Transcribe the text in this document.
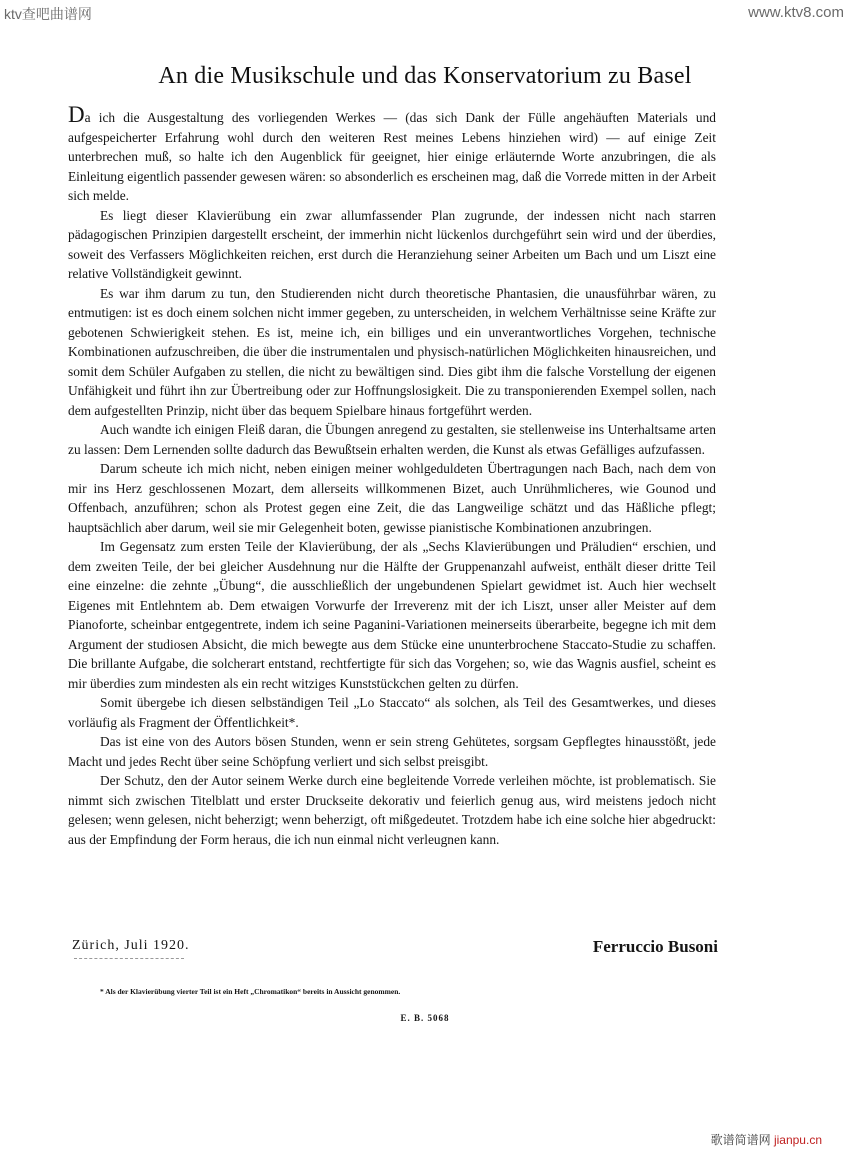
ktv查吧曲谱网	www.ktv8.com
An die Musikschule und das Konservatorium zu Basel

Da ich die Ausgestaltung des vorliegenden Werkes — (das sich Dank der Fülle angehäuften Materials und aufgespeicherter Erfahrung wohl durch den weiteren Rest meines Lebens hinziehen wird) — auf einige Zeit unterbrechen muß, so halte ich den Augenblick für geeignet, hier einige erläuternde Worte anzubringen, die als Einleitung eigentlich passender gewesen wären: so absonderlich es erscheinen mag, daß die Vorrede mitten in der Arbeit sich melde.

Es liegt dieser Klavierübung ein zwar allumfassender Plan zugrunde, der indessen nicht nach starren pädagogischen Prinzipien dargestellt erscheint, der immerhin nicht lückenlos durchgeführt sein wird und der überdies, soweit des Verfassers Möglichkeiten reichen, erst durch die Heranziehung seiner Arbeiten um Bach und um Liszt eine relative Vollständigkeit gewinnt.

Es war ihm darum zu tun, den Studierenden nicht durch theoretische Phantasien, die unausführbar wären, zu entmutigen: ist es doch einem solchen nicht immer gegeben, zu unterscheiden, in welchem Verhältnisse seine Kräfte zur gebotenen Schwierigkeit stehen. Es ist, meine ich, ein billiges und ein unverantwortliches Vorgehen, technische Kombinationen aufzuschreiben, die über die instrumentalen und physisch-natürlichen Möglichkeiten hinausreichen, und somit dem Schüler Aufgaben zu stellen, die nicht zu bewältigen sind. Dies gibt ihm die falsche Vorstellung der eigenen Unfähigkeit und führt ihn zur Übertreibung oder zur Hoffnungslosigkeit. Die zu transponierenden Exempel sollen, nach dem aufgestellten Prinzip, nicht über das bequem Spielbare hinaus fortgeführt werden.

Auch wandte ich einigen Fleiß daran, die Übungen anregend zu gestalten, sie stellenweise ins Unterhaltsame arten zu lassen: Dem Lernenden sollte dadurch das Bewußtsein erhalten werden, die Kunst als etwas Gefälliges aufzufassen.

Darum scheute ich mich nicht, neben einigen meiner wohlgeduldeten Übertragungen nach Bach, nach dem von mir ins Herz geschlossenen Mozart, dem allerseits willkommenen Bizet, auch Unrühmlicheres, wie Gounod und Offenbach, anzuführen; schon als Protest gegen eine Zeit, die das Langweilige schätzt und das Häßliche pflegt; hauptsächlich aber darum, weil sie mir Gelegenheit boten, gewisse pianistische Kombinationen anzubringen.

Im Gegensatz zum ersten Teile der Klavierübung, der als „Sechs Klavierübungen und Präludien“ erschien, und dem zweiten Teile, der bei gleicher Ausdehnung nur die Hälfte der Gruppenanzahl aufweist, enthält dieser dritte Teil eine einzelne: die zehnte „Übung“, die ausschließlich der ungebundenen Spielart gewidmet ist. Auch hier wechselt Eigenes mit Entlehntem ab. Dem etwaigen Vorwurfe der Irreverenz mit der ich Liszt, unser aller Meister auf dem Pianoforte, scheinbar entgegentrete, indem ich seine Paganini-Variationen meinerseits überarbeite, begegne ich mit dem Argument der studiosen Absicht, die mich bewegte aus dem Stücke eine ununterbrochene Staccato-Studie zu schaffen. Die brillante Aufgabe, die solcherart entstand, rechtfertigte für sich das Vorgehen; so, wie das Wagnis ausfiel, scheint es mir überdies zum mindesten als ein recht witziges Kunststückchen gelten zu dürfen.

Somit übergebe ich diesen selbständigen Teil „Lo Staccato“ als solchen, als Teil des Gesamtwerkes, und dieses vorläufig als Fragment der Öffentlichkeit*.

Das ist eine von des Autors bösen Stunden, wenn er sein streng Gehütetes, sorgsam Gepflegtes hinausstößt, jede Macht und jedes Recht über seine Schöpfung verliert und sich selbst preisgibt.

Der Schutz, den der Autor seinem Werke durch eine begleitende Vorrede verleihen möchte, ist problematisch. Sie nimmt sich zwischen Titelblatt und erster Druckseite dekorativ und feierlich genug aus, wird meistens jedoch nicht gelesen; wenn gelesen, nicht beherzigt; wenn beherzigt, oft mißgedeutet. Trotzdem habe ich eine solche hier abgedruckt: aus der Empfindung der Form heraus, die ich nun einmal nicht verleugnen kann.

Zürich, Juli 1920.	Ferruccio Busoni
* Als der Klavierübung vierter Teil ist ein Heft „Chromatikon“ bereits in Aussicht genommen.
E. B. 5068
歌谱简谱网 jianpu.cn
